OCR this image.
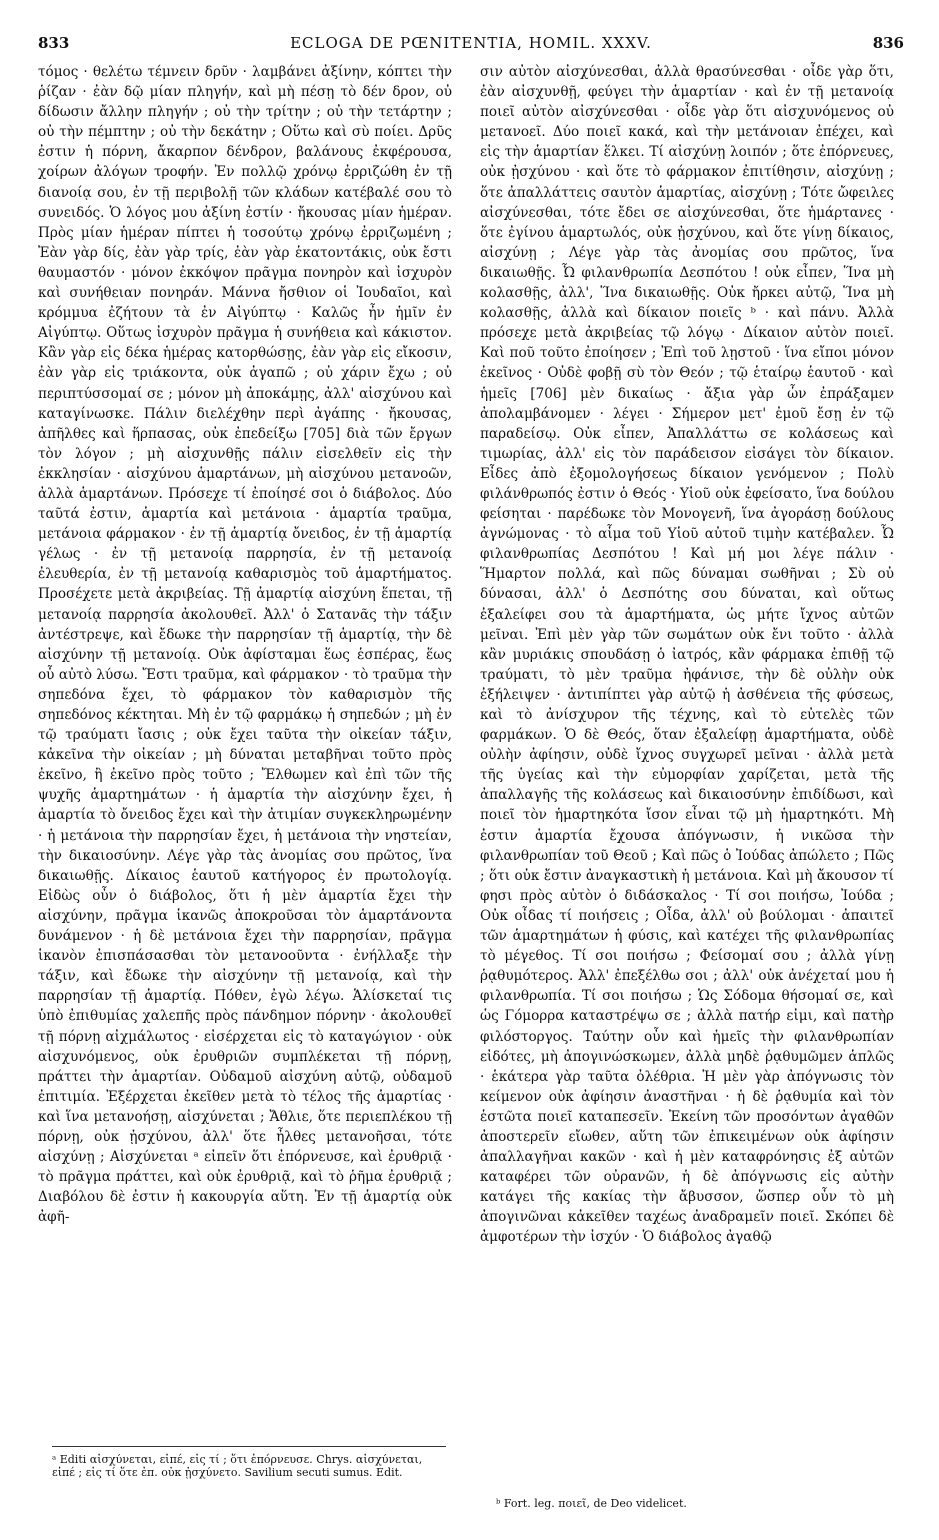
833	ECLOGA DE PŒNITENTIA, HOMIL. XXXV.	836

τόμος · θελέτω τέμνειν δρῦν · λαμβάνει ἀξίνην, κόπτει τὴν ῥίζαν · ἐὰν δῷ μίαν πληγήν, καὶ μὴ πέσῃ τὸ δέν δρον, οὐ δίδωσιν ἄλλην πληγήν ; οὐ τὴν τρίτην ; οὐ τὴν τετάρτην ; οὐ τὴν πέμπτην ; οὐ τὴν δεκάτην ; Οὕτω καὶ σὺ ποίει. Δρῦς ἐστιν ἡ πόρνη, ἄκαρπον δένδρον, βαλάνους ἐκφέρουσα, χοίρων ἀλόγων τροφήν. Ἐν πολλῷ χρόνῳ ἐρριζώθη ἐν τῇ διανοίᾳ σου, ἐν τῇ περιβολῇ τῶν κλάδων κατέβαλέ σου τὸ συνειδός. Ὁ λόγος μου ἀξίνη ἐστίν · ἤκουσας μίαν ἡμέραν. Πρὸς μίαν ἡμέραν πίπτει ἡ τοσούτῳ χρόνῳ ἐρριζωμένη ; Ἐὰν γὰρ δίς, ἐὰν γὰρ τρίς, ἐὰν γὰρ ἑκατοντάκις, οὐκ ἔστι θαυμαστόν · μόνον ἐκκόψον πρᾶγμα πονηρὸν καὶ ἰσχυρὸν καὶ συνήθειαν πονηράν. Μάννα ἤσθιον οἱ Ἰουδαῖοι, καὶ κρόμμυα ἐζήτουν τὰ ἐν Αἰγύπτῳ · Καλῶς ἦν ἡμῖν ἐν Αἰγύπτῳ. Οὕτως ἰσχυρὸν πρᾶγμα ἡ συνήθεια καὶ κάκιστον. Κἂν γὰρ εἰς δέκα ἡμέρας κατορθώσῃς, ἐὰν γὰρ εἰς εἴκοσιν, ἐὰν γὰρ εἰς τριάκοντα, οὐκ ἀγαπῶ ; οὐ χάριν ἔχω ; οὐ περιπτύσσομαί σε ; μόνον μὴ ἀποκάμῃς, ἀλλ' αἰσχύνου καὶ καταγίνωσκε. Πάλιν διελέχθην περὶ ἀγάπης · ἤκουσας, ἀπῆλθες καὶ ἥρπασας, οὐκ ἐπεδείξω [705] διὰ τῶν ἔργων τὸν λόγον ; μὴ αἰσχυνθῇς πάλιν εἰσελθεῖν εἰς τὴν ἐκκλησίαν · αἰσχύνου ἁμαρτάνων, μὴ αἰσχύνου μετανοῶν, ἀλλὰ ἁμαρτάνων. Πρόσεχε τί ἐποίησέ σοι ὁ διάβολος. Δύο ταῦτά ἐστιν, ἁμαρτία καὶ μετάνοια · ἁμαρτία τραῦμα, μετάνοια φάρμακον · ἐν τῇ ἁμαρτίᾳ ὄνειδος, ἐν τῇ ἁμαρτίᾳ γέλως · ἐν τῇ μετανοίᾳ παρρησία, ἐν τῇ μετανοίᾳ ἐλευθερία, ἐν τῇ μετανοίᾳ καθαρισμὸς τοῦ ἁμαρτήματος. Προσέχετε μετὰ ἀκριβείας. Τῇ ἁμαρτίᾳ αἰσχύνη ἕπεται, τῇ μετανοίᾳ παρρησία ἀκολουθεῖ. Ἀλλ' ὁ Σατανᾶς τὴν τάξιν ἀντέστρεψε, καὶ ἔδωκε τὴν παρρησίαν τῇ ἁμαρτίᾳ, τὴν δὲ αἰσχύνην τῇ μετανοίᾳ. Οὐκ ἀφίσταμαι ἕως ἑσπέρας, ἕως οὗ αὐτὸ λύσω. Ἔστι τραῦμα, καὶ φάρμακον · τὸ τραῦμα τὴν σηπεδόνα ἔχει, τὸ φάρμακον τὸν καθαρισμὸν τῆς σηπεδόνος κέκτηται. Μὴ ἐν τῷ φαρμάκῳ ἡ σηπεδών ; μὴ ἐν τῷ τραύματι ἴασις ; οὐκ ἔχει ταῦτα τὴν οἰκείαν τάξιν, κἀκεῖνα τὴν οἰκείαν ; μὴ δύναται μεταβῆναι τοῦτο πρὸς ἐκεῖνο, ἢ ἐκεῖνο πρὸς τοῦτο ; Ἔλθωμεν καὶ ἐπὶ τῶν τῆς ψυχῆς ἁμαρτημάτων · ἡ ἁμαρτία τὴν αἰσχύνην ἔχει, ἡ ἁμαρτία τὸ ὄνειδος ἔχει καὶ τὴν ἀτιμίαν συγκεκληρωμένην · ἡ μετάνοια τὴν παρρησίαν ἔχει, ἡ μετάνοια τὴν νηστείαν, τὴν δικαιοσύνην. Λέγε γὰρ τὰς ἀνομίας σου πρῶτος, ἵνα δικαιωθῇς. Δίκαιος ἑαυτοῦ κατήγορος ἐν πρωτολογίᾳ. Εἰδὼς οὖν ὁ διάβολος, ὅτι ἡ μὲν ἁμαρτία ἔχει τὴν αἰσχύνην, πρᾶγμα ἱκανῶς ἀποκροῦσαι τὸν ἁμαρτάνοντα δυνάμενον · ἡ δὲ μετάνοια ἔχει τὴν παρρησίαν, πρᾶγμα ἱκανὸν ἐπισπάσασθαι τὸν μετανοοῦντα · ἐνήλλαξε τὴν τάξιν, καὶ ἔδωκε τὴν αἰσχύνην τῇ μετανοίᾳ, καὶ τὴν παρρησίαν τῇ ἁμαρτίᾳ. Πόθεν, ἐγὼ λέγω. Ἁλίσκεταί τις ὑπὸ ἐπιθυμίας χαλεπῆς πρὸς πάνδημον πόρνην · ἀκολουθεῖ τῇ πόρνῃ αἰχμάλωτος · εἰσέρχεται εἰς τὸ καταγώγιον · οὐκ αἰσχυνόμενος, οὐκ ἐρυθριῶν συμπλέκεται τῇ πόρνῃ, πράττει τὴν ἁμαρτίαν. Οὐδαμοῦ αἰσχύνη αὐτῷ, οὐδαμοῦ ἐπιτιμία. Ἐξέρχεται ἐκεῖθεν μετὰ τὸ τέλος τῆς ἁμαρτίας · καὶ ἵνα μετανοήσῃ, αἰσχύνεται ; Ἄθλιε, ὅτε περιεπλέκου τῇ πόρνῃ, οὐκ ᾐσχύνου, ἀλλ' ὅτε ἦλθες μετανοῆσαι, τότε αἰσχύνῃ ; Αἰσχύνεται ᵃ εἰπεῖν ὅτι ἐπόρνευσε, καὶ ἐρυθριᾷ · τὸ πρᾶγμα πράττει, καὶ οὐκ ἐρυθριᾷ, καὶ τὸ ῥῆμα ἐρυθριᾷ ; Διαβόλου δὲ ἐστιν ἡ κακουργία αὕτη. Ἐν τῇ ἁμαρτίᾳ οὐκ ἀφῆ-

σιν αὐτὸν αἰσχύνεσθαι, ἀλλὰ θρασύνεσθαι · οἶδε γὰρ ὅτι, ἐὰν αἰσχυνθῇ, φεύγει τὴν ἁμαρτίαν · καὶ ἐν τῇ μετανοίᾳ ποιεῖ αὐτὸν αἰσχύνεσθαι · οἶδε γὰρ ὅτι αἰσχυνόμενος οὐ μετανοεῖ. Δύο ποιεῖ κακά, καὶ τὴν μετάνοιαν ἐπέχει, καὶ εἰς τὴν ἁμαρτίαν ἕλκει. Τί αἰσχύνῃ λοιπόν ; ὅτε ἐπόρνευες, οὐκ ᾐσχύνου · καὶ ὅτε τὸ φάρμακον ἐπιτίθησιν, αἰσχύνῃ ; ὅτε ἀπαλλάττεις σαυτὸν ἁμαρτίας, αἰσχύνῃ ; Τότε ὤφειλες αἰσχύνεσθαι, τότε ἔδει σε αἰσχύνεσθαι, ὅτε ἡμάρτανες · ὅτε ἐγίνου ἁμαρτωλός, οὐκ ᾐσχύνου, καὶ ὅτε γίνῃ δίκαιος, αἰσχύνῃ ; Λέγε γὰρ τὰς ἀνομίας σου πρῶτος, ἵνα δικαιωθῇς. Ὦ φιλανθρωπία Δεσπότου ! οὐκ εἶπεν, Ἵνα μὴ κολασθῇς, ἀλλ', Ἵνα δικαιωθῇς. Οὐκ ἤρκει αὐτῷ, Ἵνα μὴ κολασθῇς, ἀλλὰ καὶ δίκαιον ποιεῖς ᵇ · καὶ πάνυ. Ἀλλὰ πρόσεχε μετὰ ἀκριβείας τῷ λόγῳ · Δίκαιον αὐτὸν ποιεῖ. Καὶ ποῦ τοῦτο ἐποίησεν ; Ἐπὶ τοῦ λῃστοῦ · ἵνα εἴποι μόνον ἐκεῖνος · Οὐδὲ φοβῇ σὺ τὸν Θεόν ; τῷ ἑταίρῳ ἑαυτοῦ · καὶ ἡμεῖς [706] μὲν δικαίως · ἄξια γὰρ ὧν ἐπράξαμεν ἀπολαμβάνομεν · λέγει · Σήμερον μετ' ἐμοῦ ἔσῃ ἐν τῷ παραδείσῳ. Οὐκ εἶπεν, Ἀπαλλάττω σε κολάσεως καὶ τιμωρίας, ἀλλ' εἰς τὸν παράδεισον εἰσάγει τὸν δίκαιον. Εἶδες ἀπὸ ἐξομολογήσεως δίκαιον γενόμενον ; Πολὺ φιλάνθρωπός ἐστιν ὁ Θεός · Υἱοῦ οὐκ ἐφείσατο, ἵνα δούλου φείσηται · παρέδωκε τὸν Μονογενῆ, ἵνα ἀγοράσῃ δούλους ἀγνώμονας · τὸ αἷμα τοῦ Υἱοῦ αὐτοῦ τιμὴν κατέβαλεν. Ὦ φιλανθρωπίας Δεσπότου ! Καὶ μή μοι λέγε πάλιν · Ἥμαρτον πολλά, καὶ πῶς δύναμαι σωθῆναι ; Σὺ οὐ δύνασαι, ἀλλ' ὁ Δεσπότης σου δύναται, καὶ οὕτως ἐξαλείφει σου τὰ ἁμαρτήματα, ὡς μήτε ἴχνος αὐτῶν μεῖναι. Ἐπὶ μὲν γὰρ τῶν σωμάτων οὐκ ἔνι τοῦτο · ἀλλὰ κἂν μυριάκις σπουδάσῃ ὁ ἰατρός, κἂν φάρμακα ἐπιθῇ τῷ τραύματι, τὸ μὲν τραῦμα ἠφάνισε, τὴν δὲ οὐλὴν οὐκ ἐξήλειψεν · ἀντιπίπτει γὰρ αὐτῷ ἡ ἀσθένεια τῆς φύσεως, καὶ τὸ ἀνίσχυρον τῆς τέχνης, καὶ τὸ εὐτελὲς τῶν φαρμάκων. Ὁ δὲ Θεός, ὅταν ἐξαλείφῃ ἁμαρτήματα, οὐδὲ οὐλὴν ἀφίησιν, οὐδὲ ἴχνος συγχωρεῖ μεῖναι · ἀλλὰ μετὰ τῆς ὑγείας καὶ τὴν εὐμορφίαν χαρίζεται, μετὰ τῆς ἀπαλλαγῆς τῆς κολάσεως καὶ δικαιοσύνην ἐπιδίδωσι, καὶ ποιεῖ τὸν ἡμαρτηκότα ἴσον εἶναι τῷ μὴ ἡμαρτηκότι. Μὴ ἐστιν ἁμαρτία ἔχουσα ἀπόγνωσιν, ἡ νικῶσα τὴν φιλανθρωπίαν τοῦ Θεοῦ ; Καὶ πῶς ὁ Ἰούδας ἀπώλετο ; Πῶς ; ὅτι οὐκ ἔστιν ἀναγκαστικὴ ἡ μετάνοια. Καὶ μὴ ἄκουσον τί φησι πρὸς αὐτὸν ὁ διδάσκαλος · Τί σοι ποιήσω, Ἰούδα ; Οὐκ οἶδας τί ποιήσεις ; Οἶδα, ἀλλ' οὐ βούλομαι · ἀπαιτεῖ τῶν ἁμαρτημάτων ἡ φύσις, καὶ κατέχει τῆς φιλανθρωπίας τὸ μέγεθος. Τί σοι ποιήσω ; Φείσομαί σου ; ἀλλὰ γίνῃ ῥᾳθυμότερος. Ἀλλ' ἐπεξέλθω σοι ; ἀλλ' οὐκ ἀνέχεταί μου ἡ φιλανθρωπία. Τί σοι ποιήσω ; Ὡς Σόδομα θήσομαί σε, καὶ ὡς Γόμορρα καταστρέψω σε ; ἀλλὰ πατήρ εἰμι, καὶ πατὴρ φιλόστοργος. Ταύτην οὖν καὶ ἡμεῖς τὴν φιλανθρωπίαν εἰδότες, μὴ ἀπογινώσκωμεν, ἀλλὰ μηδὲ ῥᾳθυμῶμεν ἁπλῶς · ἑκάτερα γὰρ ταῦτα ὀλέθρια. Ἡ μὲν γὰρ ἀπόγνωσις τὸν κείμενον οὐκ ἀφίησιν ἀναστῆναι · ἡ δὲ ῥᾳθυμία καὶ τὸν ἑστῶτα ποιεῖ καταπεσεῖν. Ἐκείνη τῶν προσόντων ἀγαθῶν ἀποστερεῖν εἴωθεν, αὕτη τῶν ἐπικειμένων οὐκ ἀφίησιν ἀπαλλαγῆναι κακῶν · καὶ ἡ μὲν καταφρόνησις ἐξ αὐτῶν καταφέρει τῶν οὐρανῶν, ἡ δὲ ἀπόγνωσις εἰς αὐτὴν κατάγει τῆς κακίας τὴν ἄβυσσον, ὥσπερ οὖν τὸ μὴ ἀπογινῶναι κἀκεῖθεν ταχέως ἀναδραμεῖν ποιεῖ. Σκόπει δὲ ἀμφοτέρων τὴν ἰσχύν · Ὁ διάβολος ἀγαθῷ

ᵃ Editi αἰσχύνεται, εἰπέ, εἰς τί ; ὅτι ἐπόρνευσε. Chrys. αἰσχύνεται, εἰπέ ; εἰς τί ὅτε ἐπ. οὐκ ᾐσχύνετο. Savilium secuti sumus. Edit.
ᵇ Fort. leg. ποιεῖ, de Deo videlicet.
